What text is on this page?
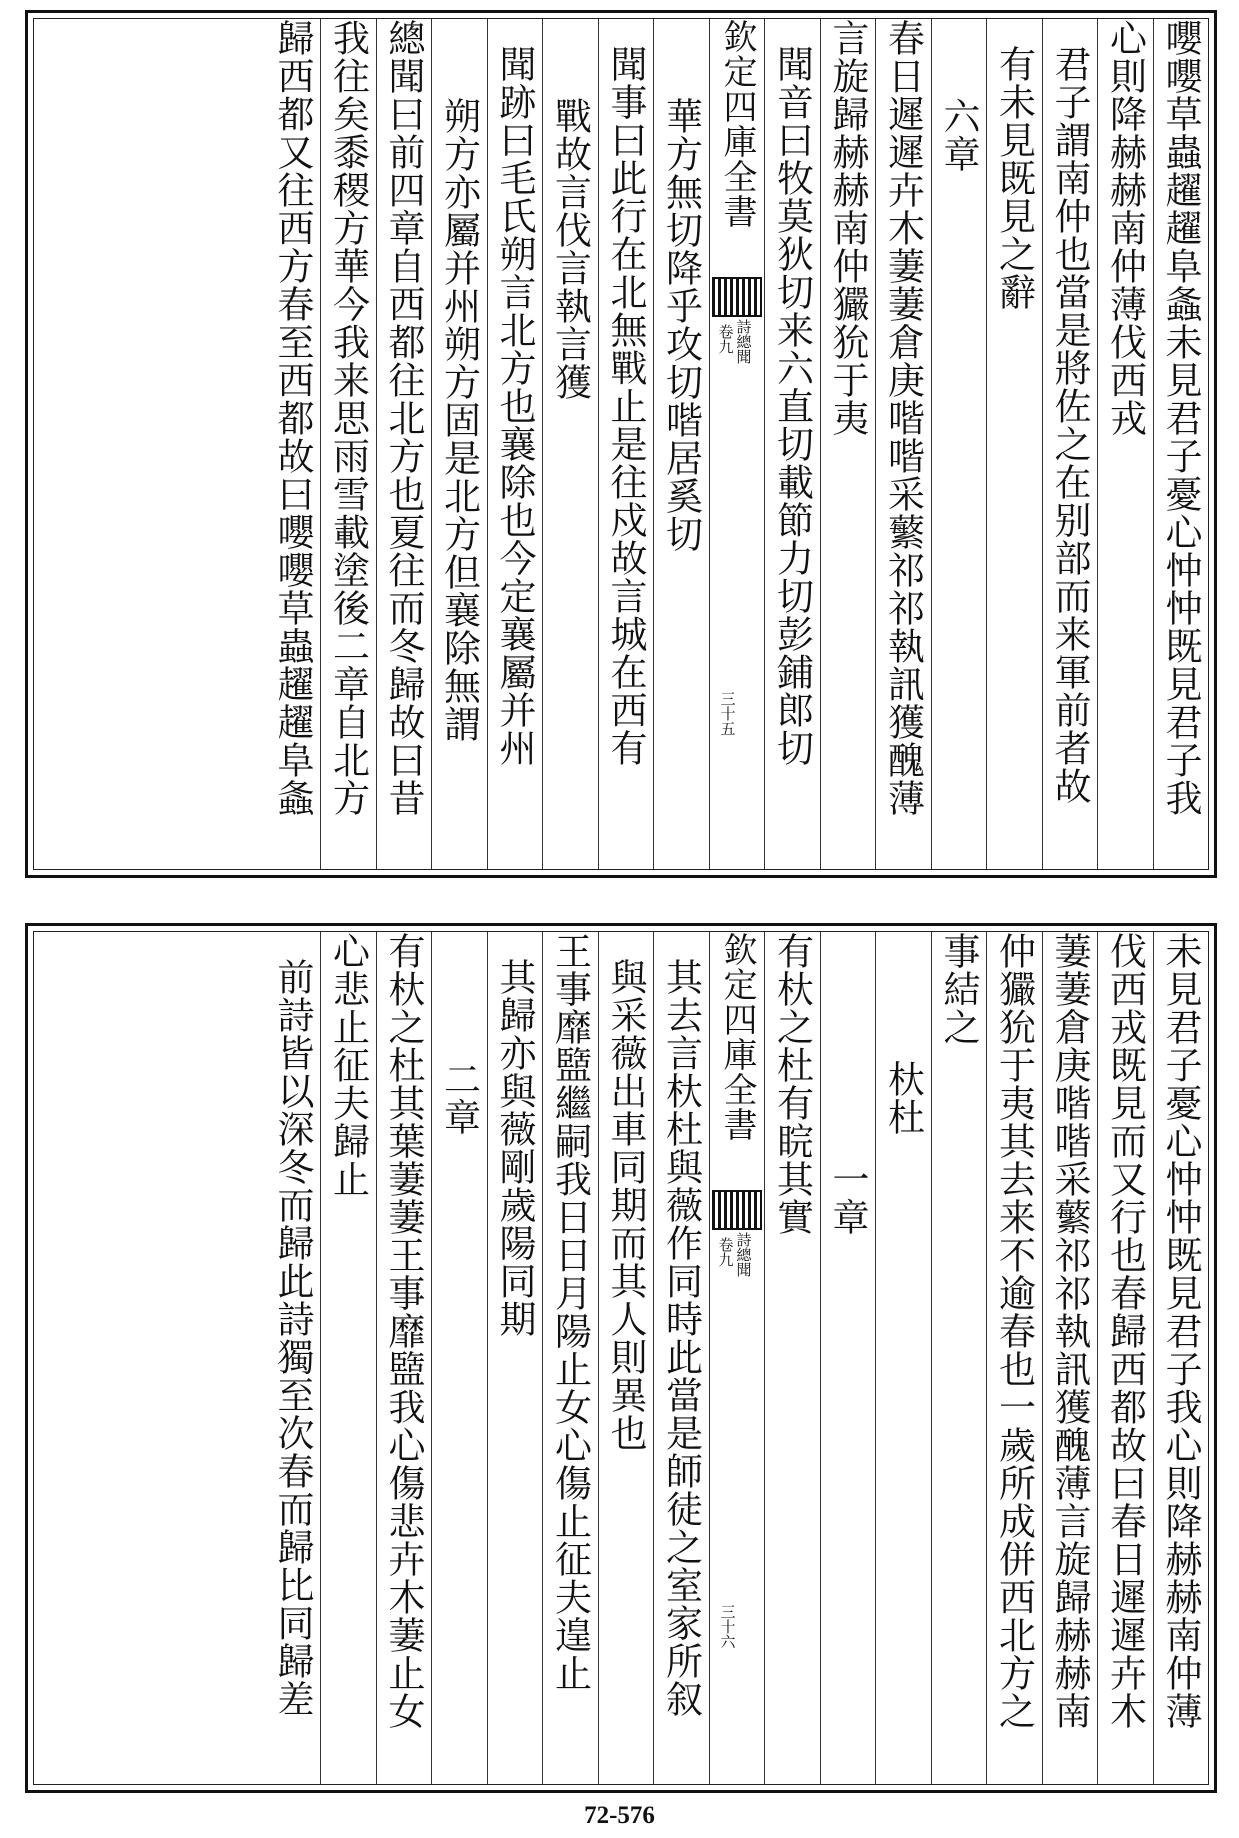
嚶嚶草蟲趯趯阜螽未見君子憂心忡忡既見君子我
心則降赫赫南仲薄伐西戎
君子謂南仲也當是將佐之在别部而来軍前者故
有未見既見之辭
六章
春日遲遲卉木萋萋倉庚喈喈采蘩祁祁執訊獲醜薄
言旋歸赫赫南仲玁狁于夷
聞音曰牧莫狄切来六直切載節力切彭鋪郎切
欽定四庫全書
詩總聞
卷九
三十五
華方無切降乎攻切喈居奚切
聞事曰此行在北無戰止是往戍故言城在西有
戰故言伐言執言獲
聞跡曰毛氏朔言北方也襄除也今定襄屬并州
朔方亦屬并州朔方固是北方但襄除無謂
總聞曰前四章自西都往北方也夏往而冬歸故曰昔
我往矣黍稷方華今我来思雨雪載塗後二章自北方
歸西都又往西方春至西都故曰嚶嚶草蟲趯趯阜螽
未見君子憂心忡忡既見君子我心則降赫赫南仲薄
伐西戎既見而又行也春歸西都故曰春日遲遲卉木
萋萋倉庚喈喈采蘩祁祁執訊獲醜薄言旋歸赫赫南
仲玁狁于夷其去来不逾春也一歲所成併西北方之
事結之
杕杜
一章
有杕之杜有睆其實
欽定四庫全書
詩總聞
卷九
三十六
其去言杕杜與薇作同時此當是師徒之室家所叙
與采薇出車同期而其人則異也
王事靡盬繼嗣我日日月陽止女心傷止征夫遑止
其歸亦與薇剛歲陽同期
二章
有杕之杜其葉萋萋王事靡盬我心傷悲卉木萋止女
心悲止征夫歸止
前詩皆以深冬而歸此詩獨至次春而歸比同歸差
72-576
